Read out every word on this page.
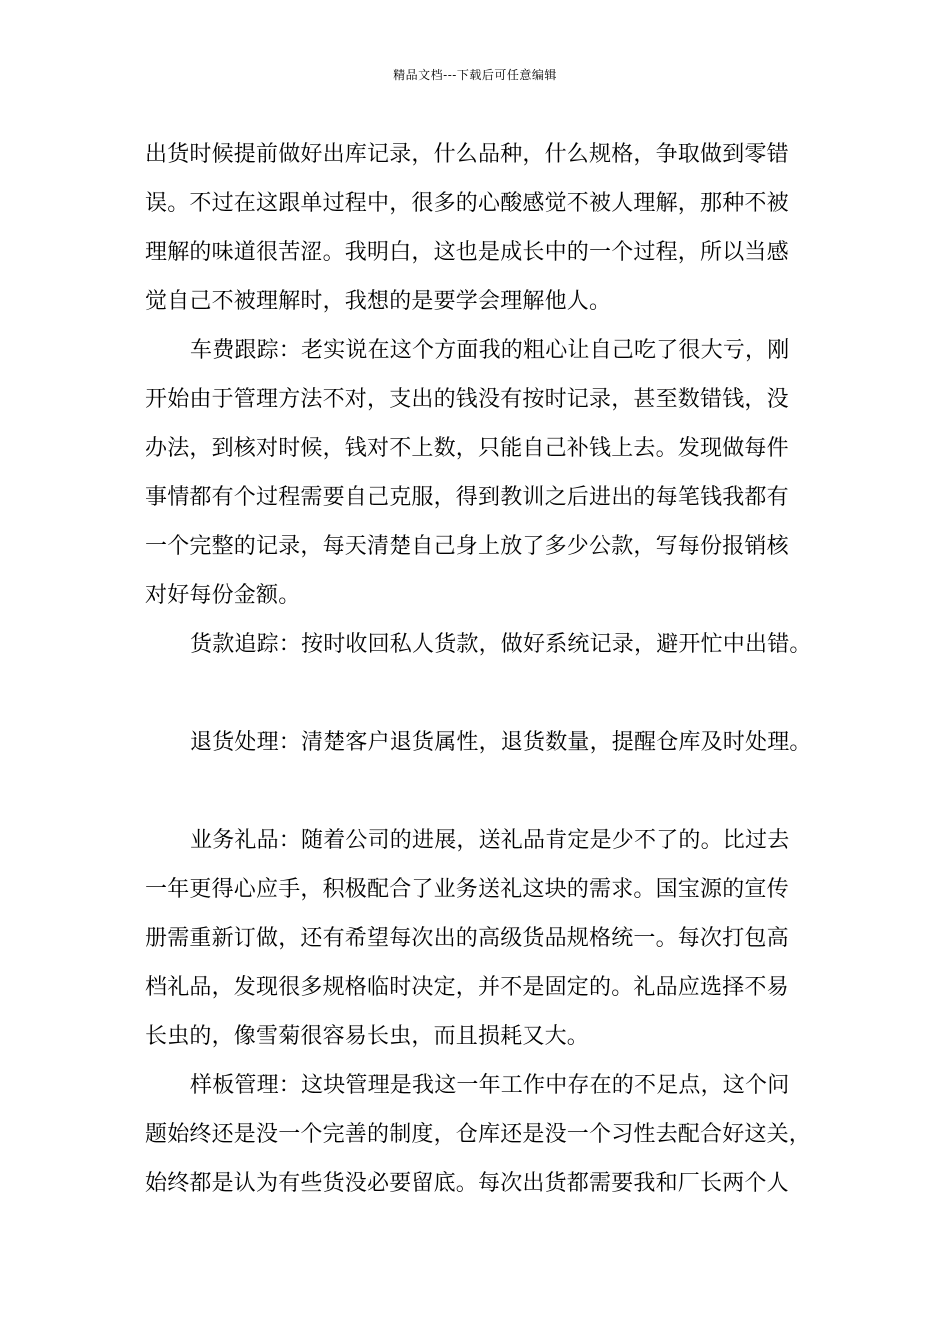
精品文档---下载后可任意编辑
出货时候提前做好出库记录，什么品种，什么规格，争取做到零错
误。不过在这跟单过程中，很多的心酸感觉不被人理解，那种不被
理解的味道很苦涩。我明白，这也是成长中的一个过程，所以当感
觉自己不被理解时，我想的是要学会理解他人。
车费跟踪：老实说在这个方面我的粗心让自己吃了很大亏，刚
开始由于管理方法不对，支出的钱没有按时记录，甚至数错钱，没
办法，到核对时候，钱对不上数，只能自己补钱上去。发现做每件
事情都有个过程需要自己克服，得到教训之后进出的每笔钱我都有
一个完整的记录，每天清楚自己身上放了多少公款，写每份报销核
对好每份金额。
货款追踪：按时收回私人货款，做好系统记录，避开忙中出错。
退货处理：清楚客户退货属性，退货数量，提醒仓库及时处理。
业务礼品：随着公司的进展，送礼品肯定是少不了的。比过去
一年更得心应手，积极配合了业务送礼这块的需求。国宝源的宣传
册需重新订做，还有希望每次出的高级货品规格统一。每次打包高
档礼品，发现很多规格临时决定，并不是固定的。礼品应选择不易
长虫的，像雪菊很容易长虫，而且损耗又大。
样板管理：这块管理是我这一年工作中存在的不足点，这个问
题始终还是没一个完善的制度，仓库还是没一个习性去配合好这关，
始终都是认为有些货没必要留底。每次出货都需要我和厂长两个人
